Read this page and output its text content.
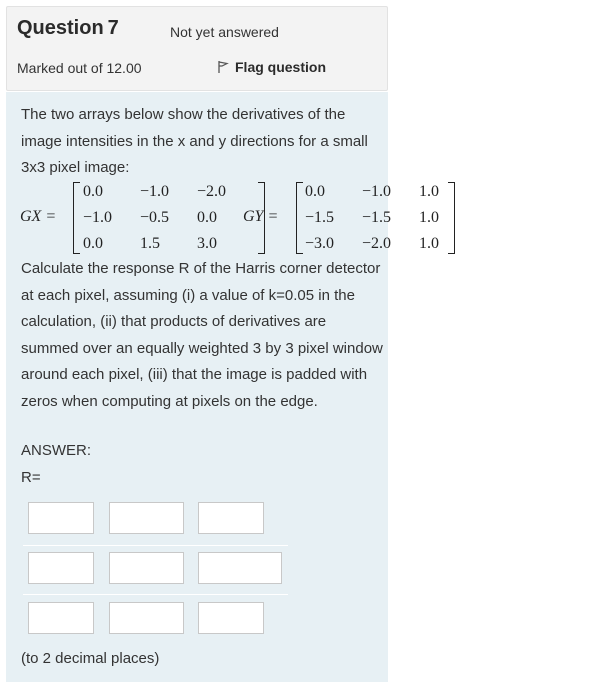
Question 7	Not yet answered
Marked out of 12.00	Flag question
The two arrays below show the derivatives of the image intensities in the x and y directions for a small 3x3 pixel image:
GX =	GY =
0.0 −1.0 −2.0
−1.0 −0.5 0.0
0.0 1.5 3.0
0.0 −1.0 1.0
−1.5 −1.5 1.0
−3.0 −2.0 1.0
Calculate the response R of the Harris corner detector at each pixel, assuming (i) a value of k=0.05 in the calculation, (ii) that products of derivatives are summed over an equally weighted 3 by 3 pixel window around each pixel, (iii) that the image is padded with zeros when computing at pixels on the edge.
ANSWER:
R=
(to 2 decimal places)
